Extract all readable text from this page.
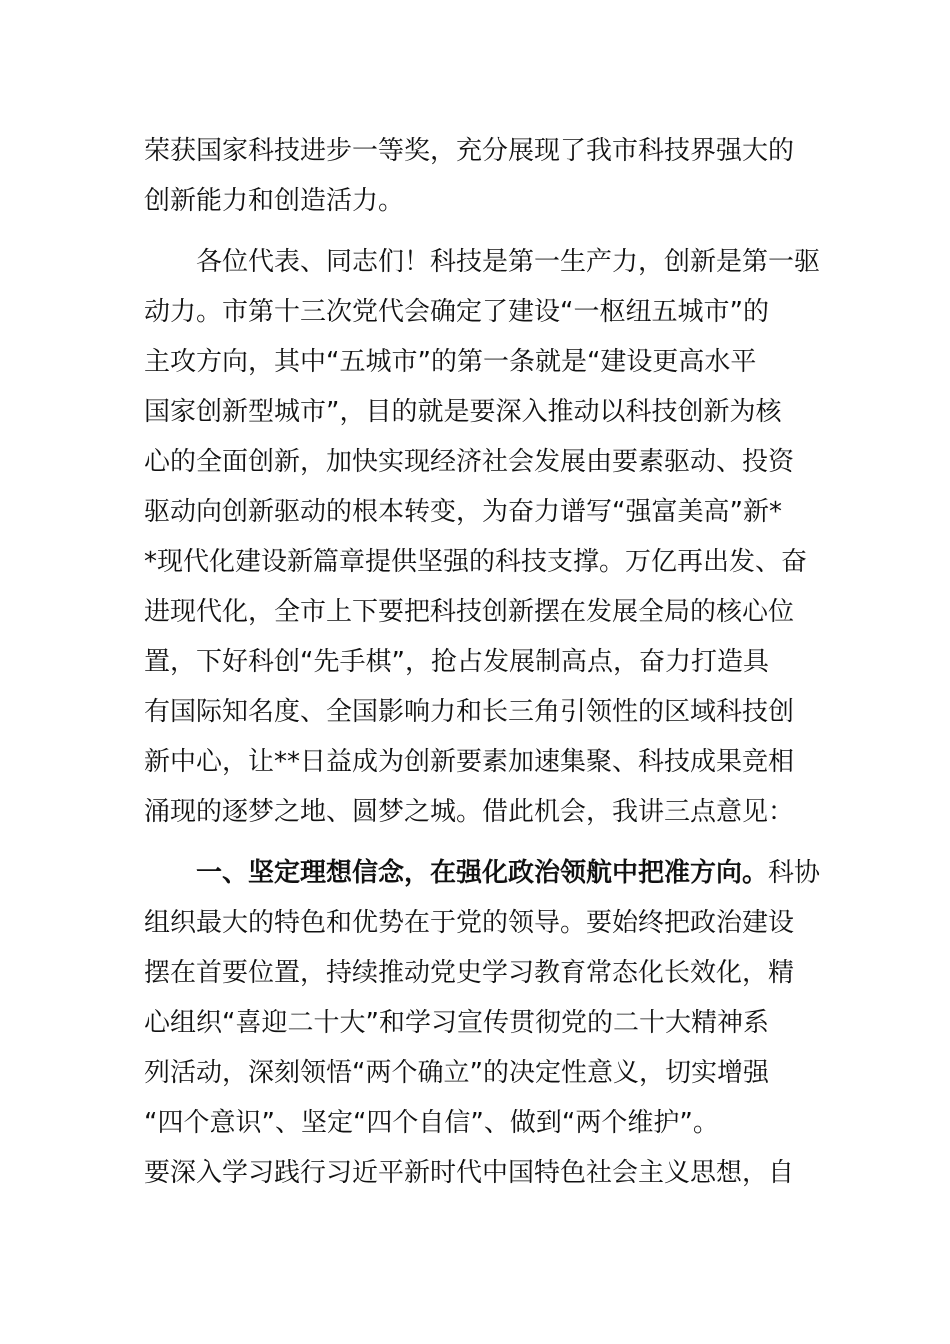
荣获国家科技进步一等奖，充分展现了我市科技界强大的
创新能力和创造活力。
　　各位代表、同志们！科技是第一生产力，创新是第一驱
动力。市第十三次党代会确定了建设“一枢纽五城市”的
主攻方向，其中“五城市”的第一条就是“建设更高水平
国家创新型城市”，目的就是要深入推动以科技创新为核
心的全面创新，加快实现经济社会发展由要素驱动、投资
驱动向创新驱动的根本转变，为奋力谱写“强富美高”新*
*现代化建设新篇章提供坚强的科技支撑。万亿再出发、奋
进现代化，全市上下要把科技创新摆在发展全局的核心位
置，下好科创“先手棋”，抢占发展制高点，奋力打造具
有国际知名度、全国影响力和长三角引领性的区域科技创
新中心，让**日益成为创新要素加速集聚、科技成果竞相
涌现的逐梦之地、圆梦之城。借此机会，我讲三点意见：
　　一、坚定理想信念，在强化政治领航中把准方向。科协
组织最大的特色和优势在于党的领导。要始终把政治建设
摆在首要位置，持续推动党史学习教育常态化长效化，精
心组织“喜迎二十大”和学习宣传贯彻党的二十大精神系
列活动，深刻领悟“两个确立”的决定性意义，切实增强
“四个意识”、坚定“四个自信”、做到“两个维护”。
要深入学习践行习近平新时代中国特色社会主义思想，自
